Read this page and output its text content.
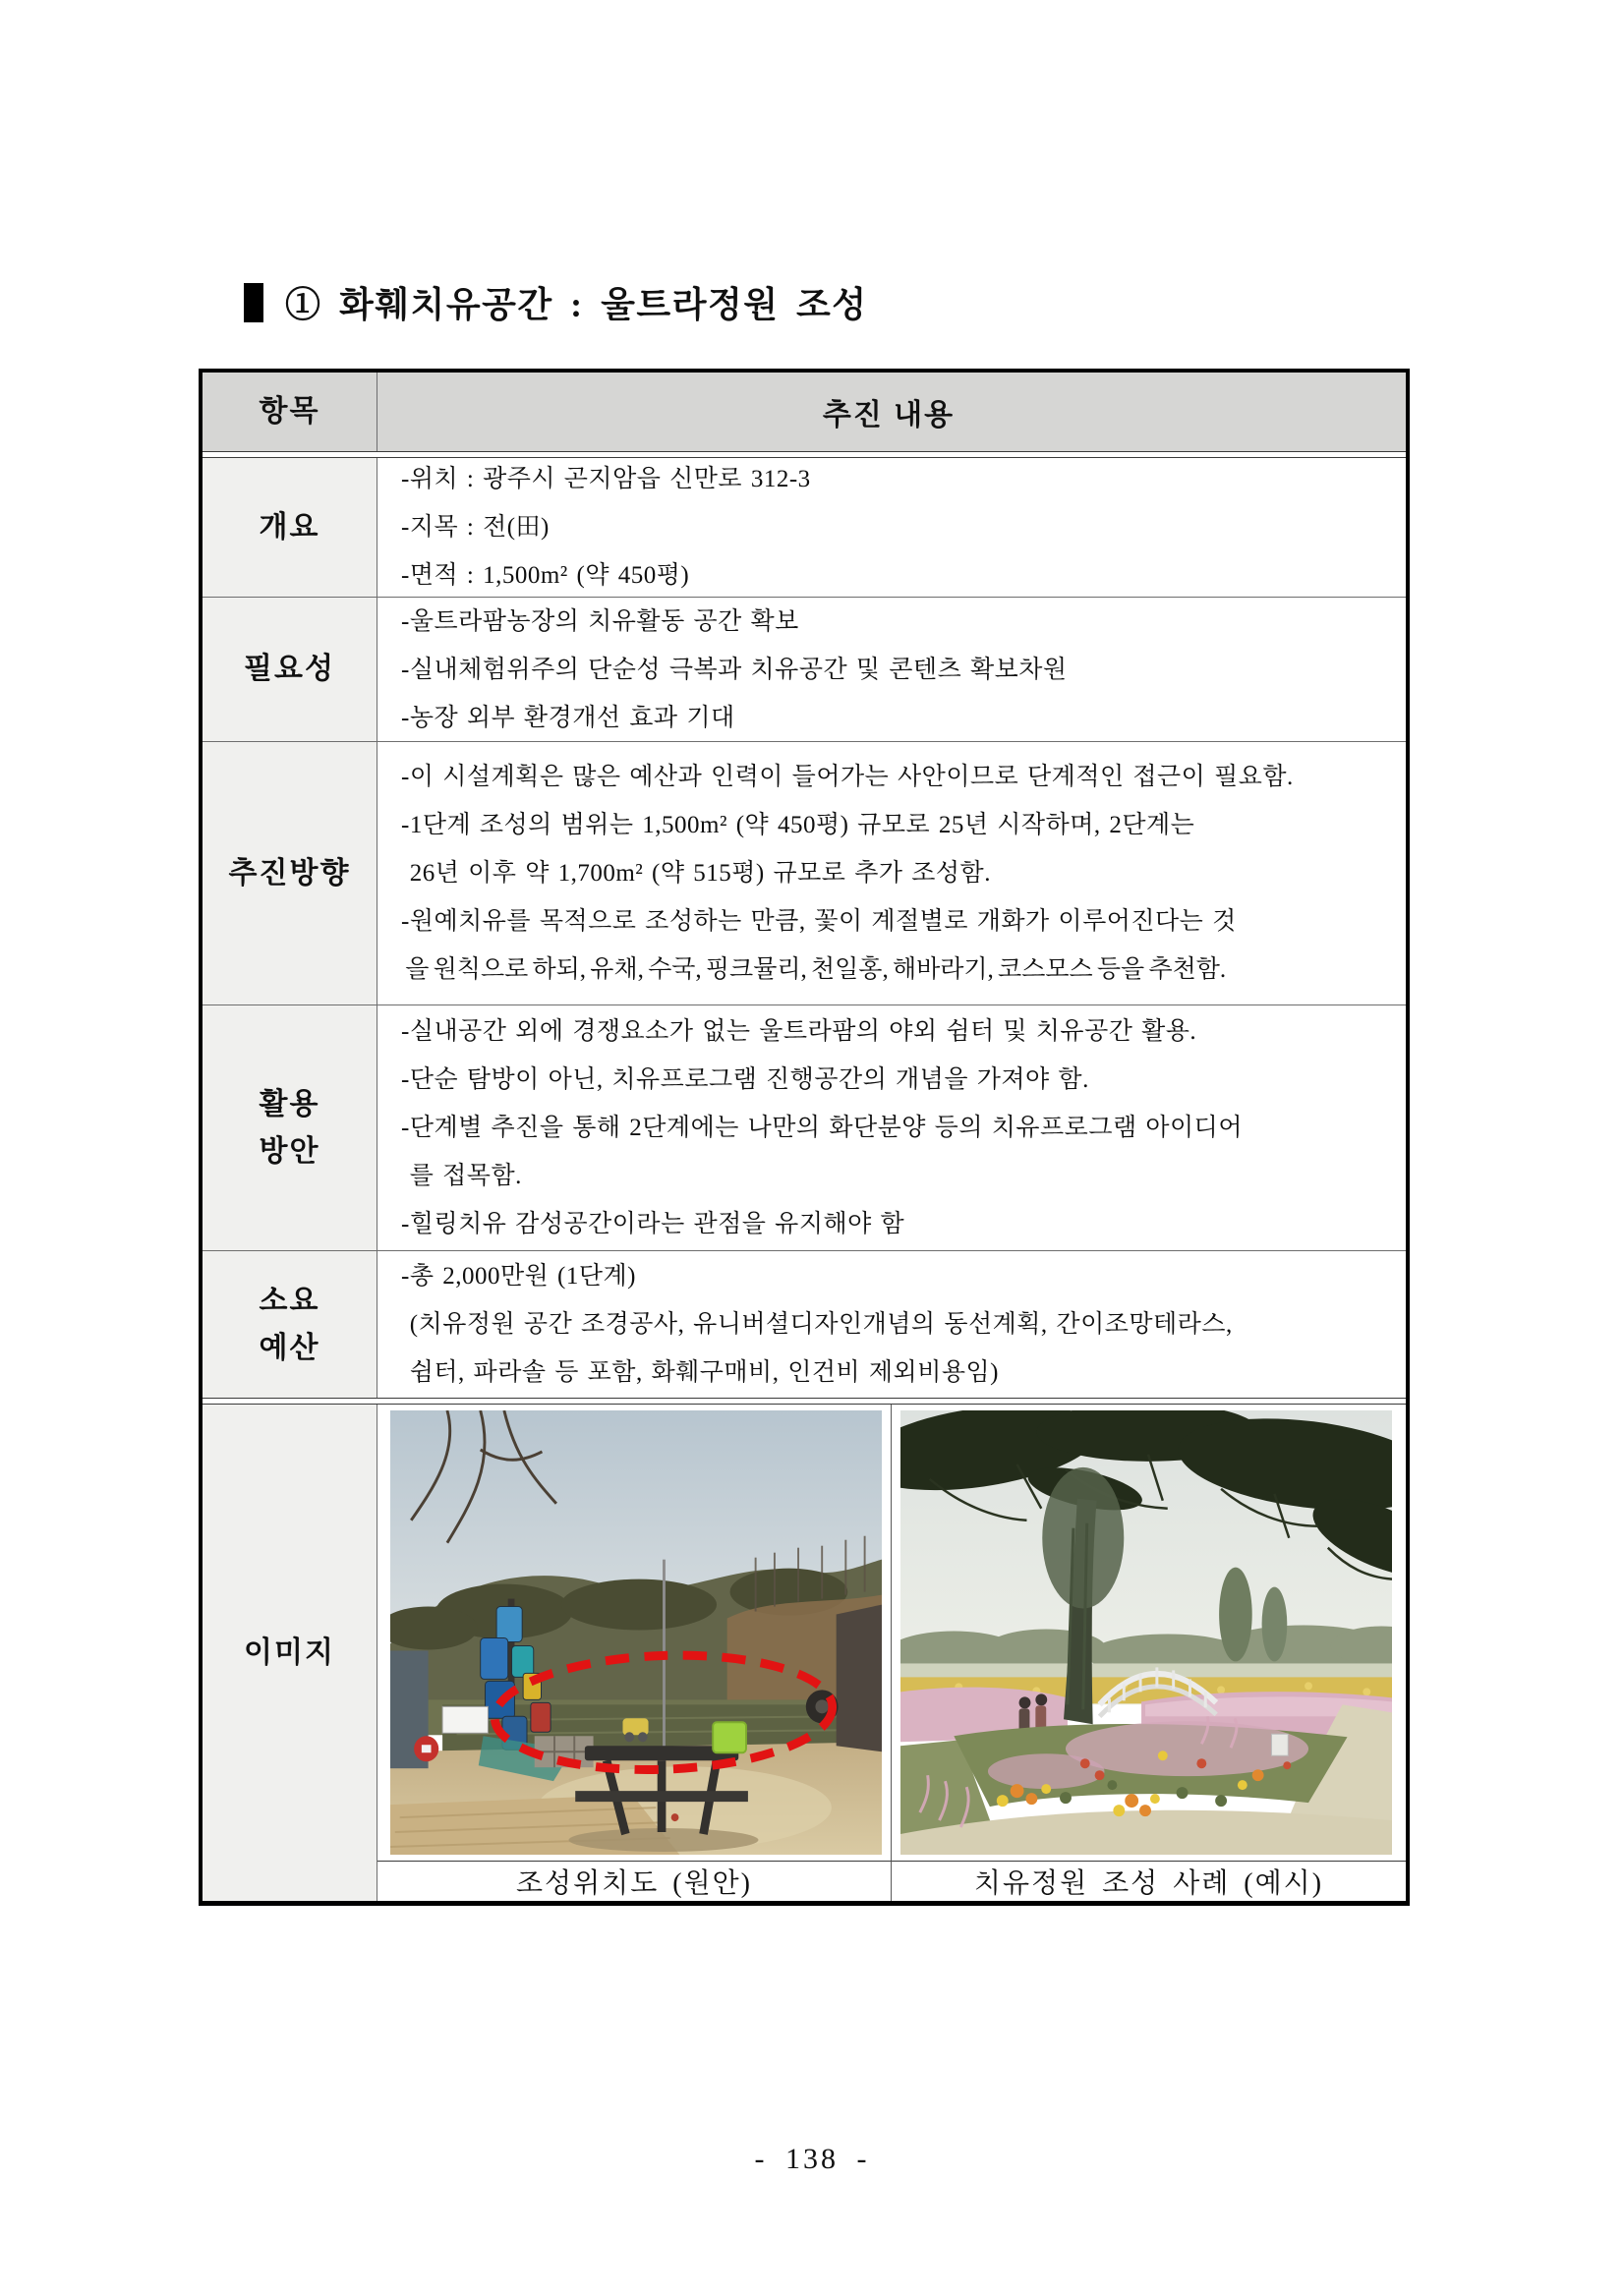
① 화훼치유공간 : 울트라정원 조성
항목	추진 내용
개요
-위치 : 광주시 곤지암읍 신만로 312-3
-지목 : 전(田)
-면적 : 1,500m² (약 450평)
필요성
-울트라팜농장의 치유활동 공간 확보
-실내체험위주의 단순성 극복과 치유공간 및 콘텐츠 확보차원
-농장 외부 환경개선 효과 기대
추진방향
-이 시설계획은 많은 예산과 인력이 들어가는 사안이므로 단계적인 접근이 필요함.
-1단계 조성의 범위는 1,500m² (약 450평) 규모로 25년 시작하며, 2단계는
26년 이후 약 1,700m² (약 515평) 규모로 추가 조성함.
-원예치유를 목적으로 조성하는 만큼, 꽃이 계절별로 개화가 이루어진다는 것
을 원칙으로 하되, 유채, 수국, 핑크뮬리, 천일홍, 해바라기, 코스모스 등을 추천함.
활용
방안
-실내공간 외에 경쟁요소가 없는 울트라팜의 야외 쉼터 및 치유공간 활용.
-단순 탐방이 아닌, 치유프로그램 진행공간의 개념을 가져야 함.
-단계별 추진을 통해 2단계에는 나만의 화단분양 등의 치유프로그램 아이디어
를 접목함.
-힐링치유 감성공간이라는 관점을 유지해야 함
소요
예산
-총 2,000만원 (1단계)
(치유정원 공간 조경공사, 유니버셜디자인개념의 동선계획, 간이조망테라스,
쉼터, 파라솔 등 포함, 화훼구매비, 인건비 제외비용임)
이미지
조성위치도 (원안)	치유정원 조성 사례 (예시)
- 138 -
